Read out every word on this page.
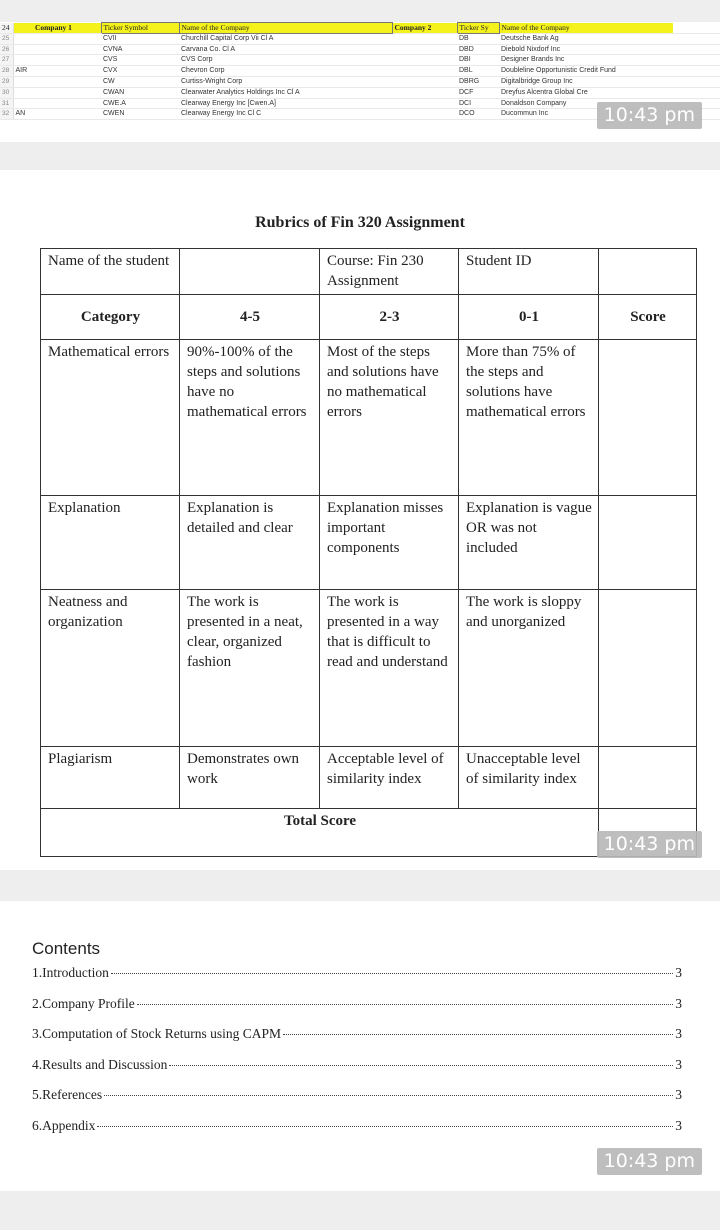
24		Company 1	Ticker Symbol	Name of the Company	Company 2	Ticker Sy	Name of the Company	
25			CVII	Churchill Capital Corp Vii Cl A		DB	Deutsche Bank Ag	
26			CVNA	Carvana Co. Cl A		DBD	Diebold Nixdorf Inc	
27			CVS	CVS Corp		DBI	Designer Brands Inc	
28	AIR		CVX	Chevron Corp		DBL	Doubleline Opportunistic Credit Fund	
29			CW	Curtiss-Wright Corp		DBRG	Digitalbridge Group Inc	
30			CWAN	Clearwater Analytics Holdings Inc Cl A		DCF	Dreyfus Alcentra Global Cre	
31			CWE.A	Clearway Energy Inc [Cwen.A]		DCI	Donaldson Company	
32	AN		CWEN	Clearway Energy Inc Cl C		DCO	Ducommun Inc		10:43 pm
Rubrics of Fin 320 Assignment
Name of the student		Course: Fin 230 Assignment	Student ID	
Category	4-5	2-3	0-1	Score
Mathematical errors	90%-100% of the steps and solutions have no mathematical errors	Most of the steps and solutions have no mathematical errors	More than 75% of the steps and solutions have mathematical errors	
Explanation	Explanation is detailed and clear	Explanation misses important components	Explanation is vague OR was not included	
Neatness and organization	The work is presented in a neat, clear, organized fashion	The work is presented in a way that is difficult to read and understand	The work is sloppy and unorganized	
Plagiarism	Demonstrates own work	Acceptable level of similarity index	Unacceptable level of similarity index	
Total Score				
10:43 pm
Contents
1.Introduction	3
2.Company Profile	3
3.Computation of Stock Returns using CAPM	3
4.Results and Discussion	3
5.References	3
6.Appendix	3
10:43 pm
